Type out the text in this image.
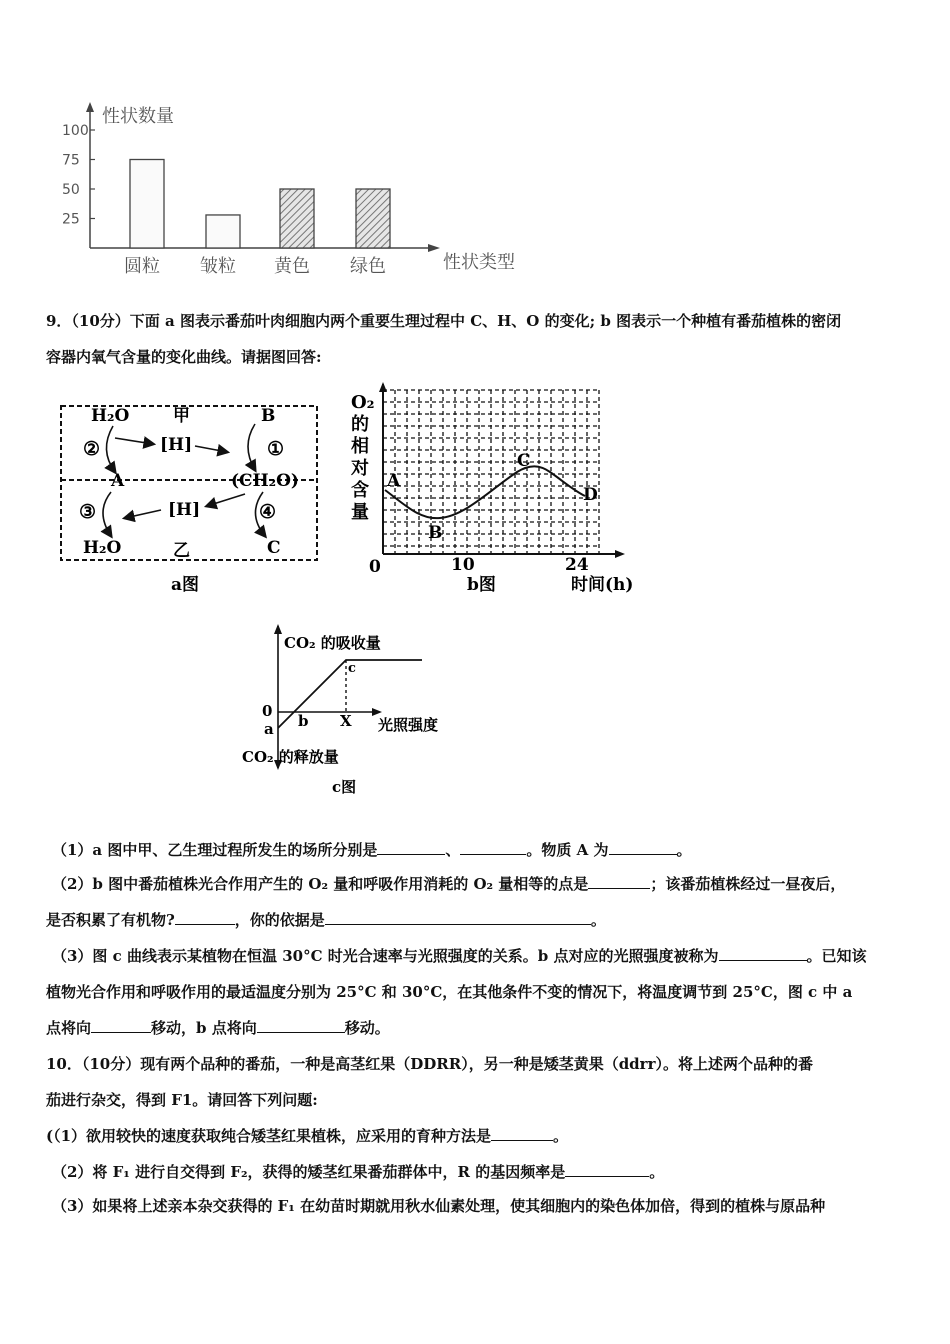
性状数量
性状类型
100
75
50
25
圆粒 皱粒 黄色 绿色
9．（10分）下面 a 图表示番茄叶肉细胞内两个重要生理过程中 C、H、O 的变化; b 图表示一个种植有番茄植株的密闭
容器内氧气含量的变化曲线。请据图回答:
H₂O	甲	B
②	[H]	①
A	(CH₂O)
③	[H]	④
H₂O	乙	C
a图
O₂
的
相
对
含
量
A
B
C
D
0	10	24
b图	时间(h)
CO₂ 的吸收量
0
a b
c
X 光照强度
CO₂ 的释放量
c图
（1）a 图中甲、乙生理过程所发生的场所分别是	、	。物质 A 为	。
（2）b 图中番茄植株光合作用产生的 O₂ 量和呼吸作用消耗的 O₂ 量相等的点是	；该番茄植株经过一昼夜后，
是否积累了有机物?	，你的依据是	。
（3）图 c 曲线表示某植物在恒温 30°C 时光合速率与光照强度的关系。b 点对应的光照强度被称为	。已知该
植物光合作用和呼吸作用的最适温度分别为 25°C 和 30°C，在其他条件不变的情况下，将温度调节到 25°C，图 c 中 a
点将向	移动，b 点将向	移动。
10．（10分）现有两个品种的番茄，一种是高茎红果（DDRR），另一种是矮茎黄果（ddrr）。将上述两个品种的番
茄进行杂交，得到 F1。请回答下列问题:
(（1）欲用较快的速度获取纯合矮茎红果植株，应采用的育种方法是	。
（2）将 F₁ 进行自交得到 F₂，获得的矮茎红果番茄群体中，R 的基因频率是	。
（3）如果将上述亲本杂交获得的 F₁ 在幼苗时期就用秋水仙素处理，使其细胞内的染色体加倍，得到的植株与原品种
